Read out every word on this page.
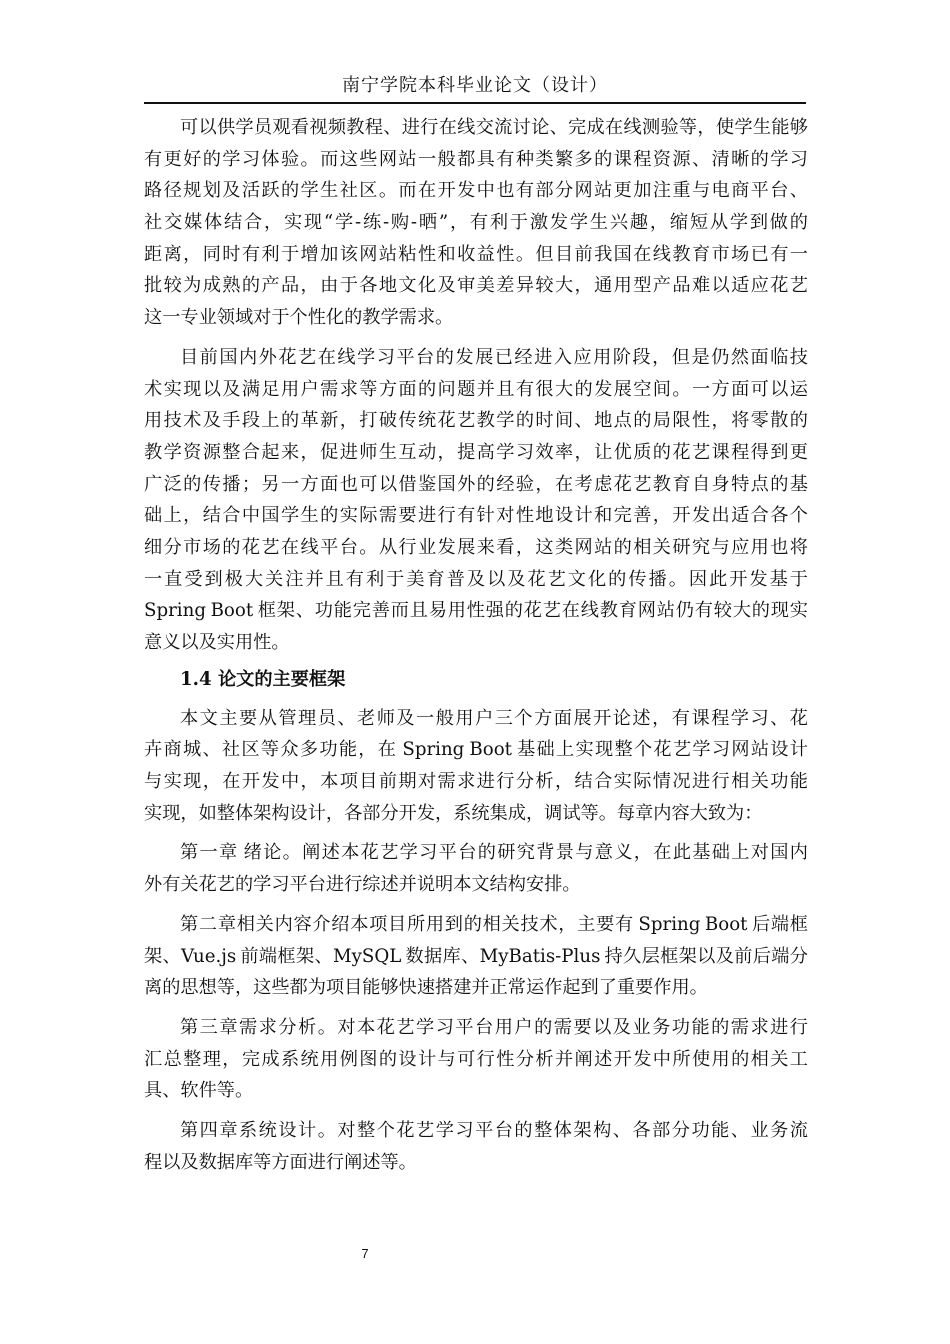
南宁学院本科毕业论文（设计）
可以供学员观看视频教程、进行在线交流讨论、完成在线测验等，使学生能够
有更好的学习体验。而这些网站一般都具有种类繁多的课程资源、清晰的学习
路径规划及活跃的学生社区。而在开发中也有部分网站更加注重与电商平台、
社交媒体结合，实现“学-练-购-晒”，有利于激发学生兴趣，缩短从学到做的
距离，同时有利于增加该网站粘性和收益性。但目前我国在线教育市场已有一
批较为成熟的产品，由于各地文化及审美差异较大，通用型产品难以适应花艺
这一专业领域对于个性化的教学需求。
目前国内外花艺在线学习平台的发展已经进入应用阶段，但是仍然面临技
术实现以及满足用户需求等方面的问题并且有很大的发展空间。一方面可以运
用技术及手段上的革新，打破传统花艺教学的时间、地点的局限性，将零散的
教学资源整合起来，促进师生互动，提高学习效率，让优质的花艺课程得到更
广泛的传播；另一方面也可以借鉴国外的经验，在考虑花艺教育自身特点的基
础上，结合中国学生的实际需要进行有针对性地设计和完善，开发出适合各个
细分市场的花艺在线平台。从行业发展来看，这类网站的相关研究与应用也将
一直受到极大关注并且有利于美育普及以及花艺文化的传播。因此开发基于
Spring Boot 框架、功能完善而且易用性强的花艺在线教育网站仍有较大的现实
意义以及实用性。
1.4 论文的主要框架
本文主要从管理员、老师及一般用户三个方面展开论述，有课程学习、花
卉商城、社区等众多功能，在 Spring Boot 基础上实现整个花艺学习网站设计
与实现，在开发中，本项目前期对需求进行分析，结合实际情况进行相关功能
实现，如整体架构设计，各部分开发，系统集成，调试等。每章内容大致为：
第一章 绪论。阐述本花艺学习平台的研究背景与意义，在此基础上对国内
外有关花艺的学习平台进行综述并说明本文结构安排。
第二章相关内容介绍本项目所用到的相关技术，主要有 Spring Boot 后端框
架、Vue.js 前端框架、MySQL 数据库、MyBatis-Plus 持久层框架以及前后端分
离的思想等，这些都为项目能够快速搭建并正常运作起到了重要作用。
第三章需求分析。对本花艺学习平台用户的需要以及业务功能的需求进行
汇总整理，完成系统用例图的设计与可行性分析并阐述开发中所使用的相关工
具、软件等。
第四章系统设计。对整个花艺学习平台的整体架构、各部分功能、业务流
程以及数据库等方面进行阐述等。
7
